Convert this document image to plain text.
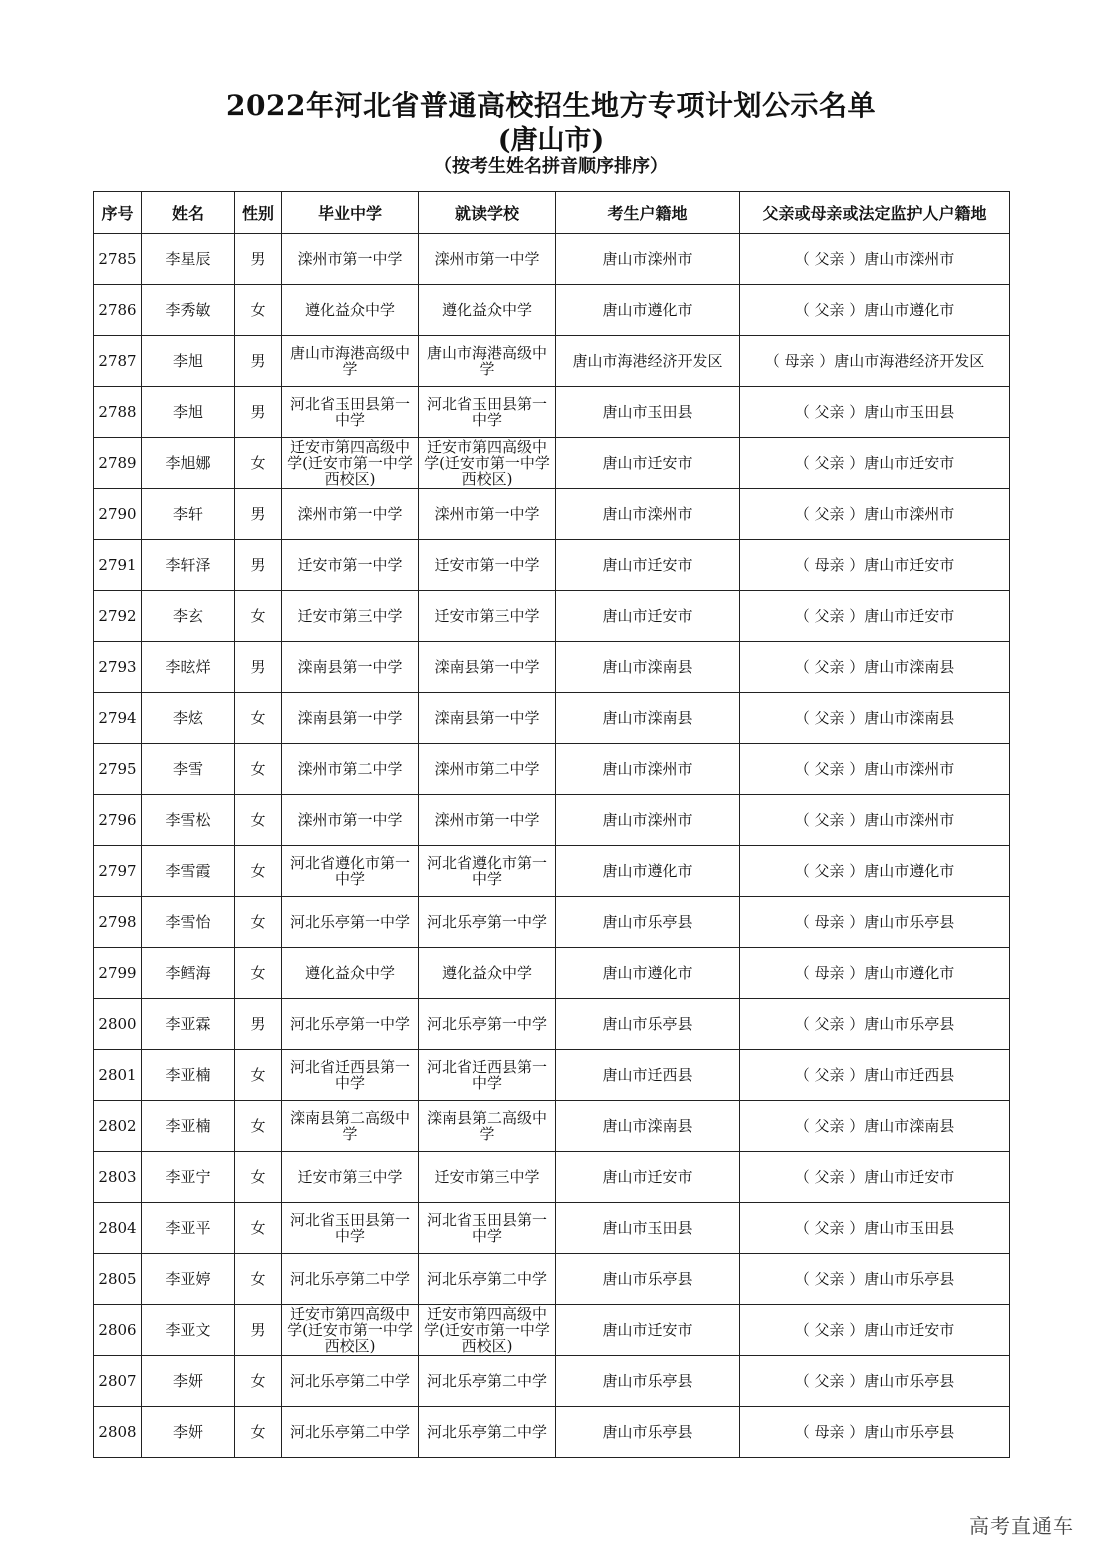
2022年河北省普通高校招生地方专项计划公示名单
(唐山市)
（按考生姓名拼音顺序排序）
序号	姓名	性别	毕业中学	就读学校	考生户籍地	父亲或母亲或法定监护人户籍地
2785	李星辰	男	滦州市第一中学	滦州市第一中学	唐山市滦州市	（ 父亲 ）唐山市滦州市
2786	李秀敏	女	遵化益众中学	遵化益众中学	唐山市遵化市	（ 父亲 ）唐山市遵化市
2787	李旭	男	唐山市海港高级中学	唐山市海港高级中学	唐山市海港经济开发区	（ 母亲 ）唐山市海港经济开发区
2788	李旭	男	河北省玉田县第一中学	河北省玉田县第一中学	唐山市玉田县	（ 父亲 ）唐山市玉田县
2789	李旭娜	女	迁安市第四高级中学(迁安市第一中学西校区)	迁安市第四高级中学(迁安市第一中学西校区)	唐山市迁安市	（ 父亲 ）唐山市迁安市
2790	李轩	男	滦州市第一中学	滦州市第一中学	唐山市滦州市	（ 父亲 ）唐山市滦州市
2791	李轩泽	男	迁安市第一中学	迁安市第一中学	唐山市迁安市	（ 母亲 ）唐山市迁安市
2792	李玄	女	迁安市第三中学	迁安市第三中学	唐山市迁安市	（ 父亲 ）唐山市迁安市
2793	李昡烊	男	滦南县第一中学	滦南县第一中学	唐山市滦南县	（ 父亲 ）唐山市滦南县
2794	李炫	女	滦南县第一中学	滦南县第一中学	唐山市滦南县	（ 父亲 ）唐山市滦南县
2795	李雪	女	滦州市第二中学	滦州市第二中学	唐山市滦州市	（ 父亲 ）唐山市滦州市
2796	李雪松	女	滦州市第一中学	滦州市第一中学	唐山市滦州市	（ 父亲 ）唐山市滦州市
2797	李雪霞	女	河北省遵化市第一中学	河北省遵化市第一中学	唐山市遵化市	（ 父亲 ）唐山市遵化市
2798	李雪怡	女	河北乐亭第一中学	河北乐亭第一中学	唐山市乐亭县	（ 母亲 ）唐山市乐亭县
2799	李鳕海	女	遵化益众中学	遵化益众中学	唐山市遵化市	（ 母亲 ）唐山市遵化市
2800	李亚霖	男	河北乐亭第一中学	河北乐亭第一中学	唐山市乐亭县	（ 父亲 ）唐山市乐亭县
2801	李亚楠	女	河北省迁西县第一中学	河北省迁西县第一中学	唐山市迁西县	（ 父亲 ）唐山市迁西县
2802	李亚楠	女	滦南县第二高级中学	滦南县第二高级中学	唐山市滦南县	（ 父亲 ）唐山市滦南县
2803	李亚宁	女	迁安市第三中学	迁安市第三中学	唐山市迁安市	（ 父亲 ）唐山市迁安市
2804	李亚平	女	河北省玉田县第一中学	河北省玉田县第一中学	唐山市玉田县	（ 父亲 ）唐山市玉田县
2805	李亚婷	女	河北乐亭第二中学	河北乐亭第二中学	唐山市乐亭县	（ 父亲 ）唐山市乐亭县
2806	李亚文	男	迁安市第四高级中学(迁安市第一中学西校区)	迁安市第四高级中学(迁安市第一中学西校区)	唐山市迁安市	（ 父亲 ）唐山市迁安市
2807	李妍	女	河北乐亭第二中学	河北乐亭第二中学	唐山市乐亭县	（ 父亲 ）唐山市乐亭县
2808	李妍	女	河北乐亭第二中学	河北乐亭第二中学	唐山市乐亭县	（ 母亲 ）唐山市乐亭县
高考直通车
